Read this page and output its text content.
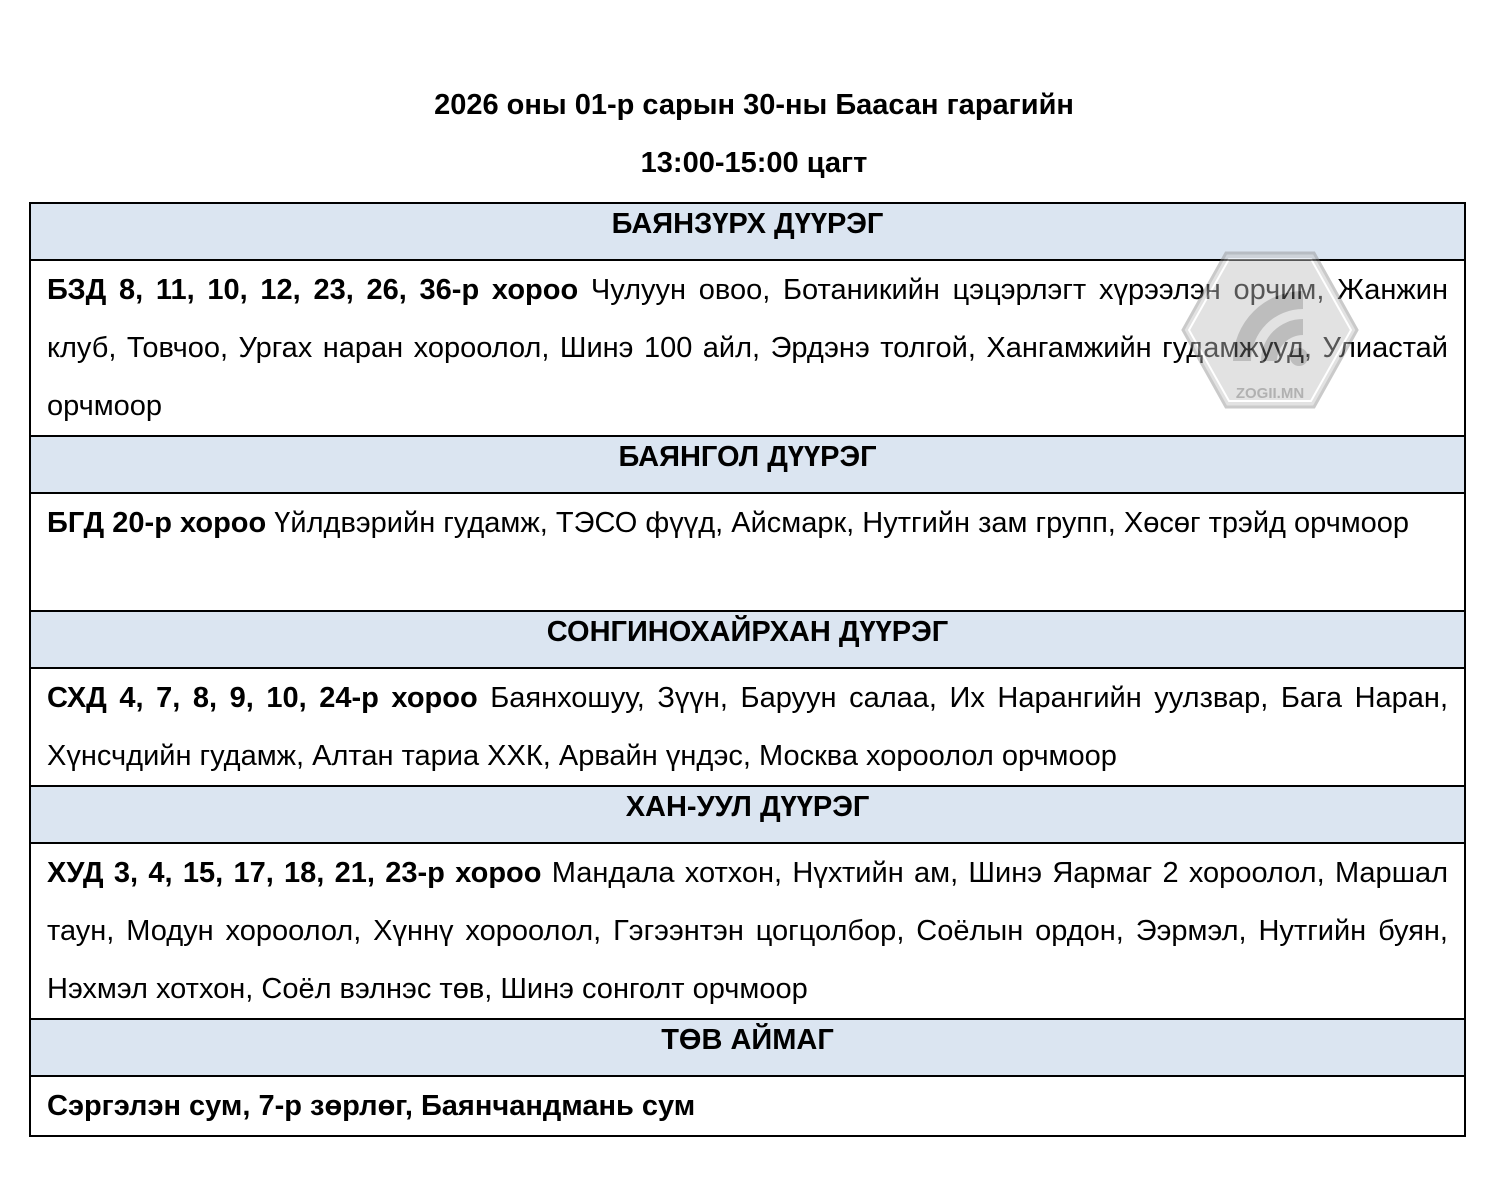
2026 оны 01-р сарын 30-ны Баасан гарагийн
13:00-15:00 цагт
БАЯНЗҮРХ ДҮҮРЭГ

БЗД 8, 11, 10, 12, 23, 26, 36-р хороо Чулуун овоо, Ботаникийн цэцэрлэгт хүрээлэн орчим, Жанжин клуб, Товчоо, Ургах наран хороолол, Шинэ 100 айл, Эрдэнэ толгой, Хангамжийн гудамжууд, Улиастай орчмоор

БАЯНГОЛ ДҮҮРЭГ

БГД 20-р хороо Үйлдвэрийн гудамж, ТЭСО фүүд, Айсмарк, Нутгийн зам групп, Хөсөг трэйд орчмоор

СОНГИНОХАЙРХАН ДҮҮРЭГ

СХД 4, 7, 8, 9, 10, 24-р хороо Баянхошуу, Зүүн, Баруун салаа, Их Нарангийн уулзвар, Бага Наран, Хүнсчдийн гудамж, Алтан тариа ХХК, Арвайн үндэс, Москва хороолол орчмоор

ХАН-УУЛ ДҮҮРЭГ

ХУД 3, 4, 15, 17, 18, 21, 23-р хороо Мандала хотхон, Нүхтийн ам, Шинэ Яармаг 2 хороолол, Маршал таун, Модун хороолол, Хүннү хороолол, Гэгээнтэн цогцолбор, Соёлын ордон, Ээрмэл, Нутгийн буян, Нэхмэл хотхон, Соёл вэлнэс төв, Шинэ сонголт орчмоор

ТӨВ АЙМАГ

Сэргэлэн сум, 7-р зөрлөг, Баянчандмань сум
ZOGII.MN
